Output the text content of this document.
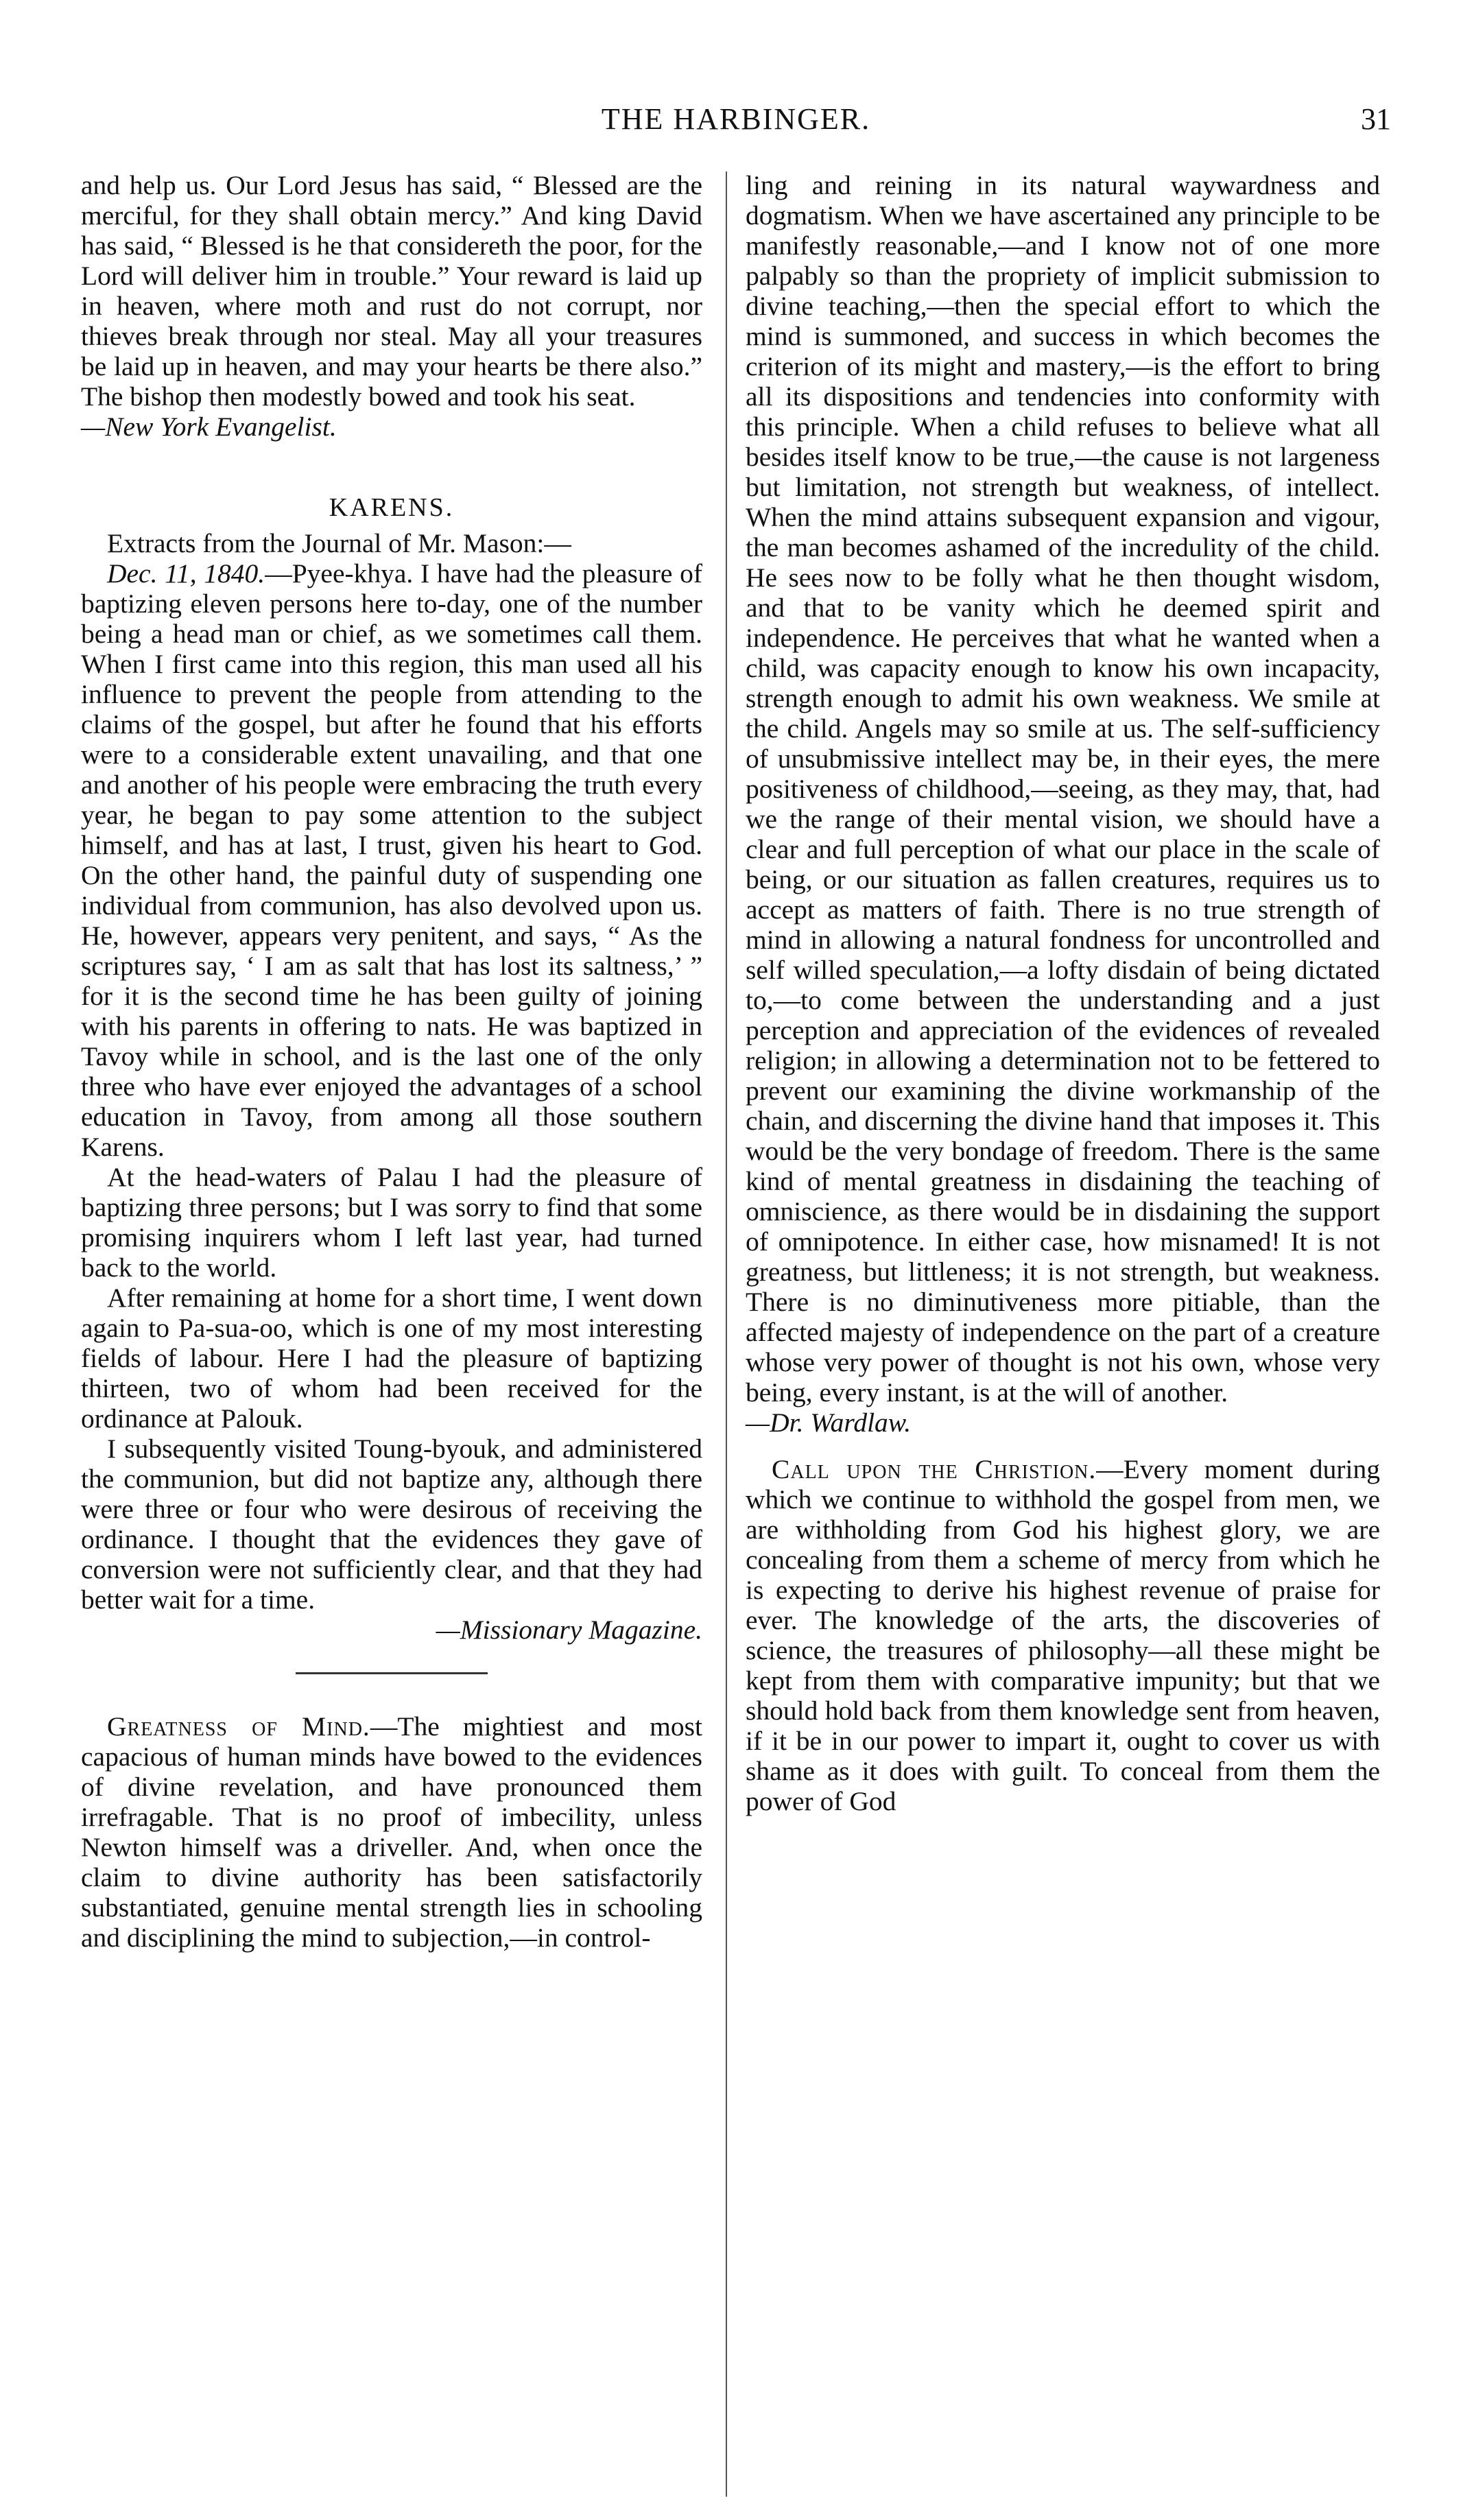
THE HARBINGER.	31

and help us. Our Lord Jesus has said, “ Blessed are the merciful, for they shall obtain mercy.” And king David has said, “ Blessed is he that considereth the poor, for the Lord will deliver him in trouble.” Your reward is laid up in heaven, where moth and rust do not corrupt, nor thieves break through nor steal. May all your treasures be laid up in heaven, and may your hearts be there also.” The bishop then modestly bowed and took his seat.

—New York Evangelist.

KARENS.

Extracts from the Journal of Mr. Mason:—

Dec. 11, 1840.—Pyee-khya. I have had the pleasure of baptizing eleven persons here to-day, one of the number being a head man or chief, as we sometimes call them. When I first came into this region, this man used all his influence to prevent the people from attending to the claims of the gospel, but after he found that his efforts were to a considerable extent unavailing, and that one and another of his people were embracing the truth every year, he began to pay some attention to the subject himself, and has at last, I trust, given his heart to God. On the other hand, the painful duty of suspending one individual from communion, has also devolved upon us. He, however, appears very penitent, and says, “ As the scriptures say, ‘ I am as salt that has lost its saltness,’ ” for it is the second time he has been guilty of joining with his parents in offering to nats. He was baptized in Tavoy while in school, and is the last one of the only three who have ever enjoyed the advantages of a school education in Tavoy, from among all those southern Karens.

At the head-waters of Palau I had the pleasure of baptizing three persons; but I was sorry to find that some promising inquirers whom I left last year, had turned back to the world.

After remaining at home for a short time, I went down again to Pa-sua-oo, which is one of my most interesting fields of labour. Here I had the pleasure of baptizing thirteen, two of whom had been received for the ordinance at Palouk.

I subsequently visited Toung-byouk, and administered the communion, but did not baptize any, although there were three or four who were desirous of receiving the ordinance. I thought that the evidences they gave of conversion were not sufficiently clear, and that they had better wait for a time.

—Missionary Magazine.

Greatness of Mind.—The mightiest and most capacious of human minds have bowed to the evidences of divine revelation, and have pronounced them irrefragable. That is no proof of imbecility, unless Newton himself was a driveller. And, when once the claim to divine authority has been satisfactorily substantiated, genuine mental strength lies in schooling and disciplining the mind to subjection,—in control-

ling and reining in its natural waywardness and dogmatism. When we have ascertained any principle to be manifestly reasonable,—and I know not of one more palpably so than the propriety of implicit submission to divine teaching,—then the special effort to which the mind is summoned, and success in which becomes the criterion of its might and mastery,—is the effort to bring all its dispositions and tendencies into conformity with this principle. When a child refuses to believe what all besides itself know to be true,—the cause is not largeness but limitation, not strength but weakness, of intellect. When the mind attains subsequent expansion and vigour, the man becomes ashamed of the incredulity of the child. He sees now to be folly what he then thought wisdom, and that to be vanity which he deemed spirit and independence. He perceives that what he wanted when a child, was capacity enough to know his own incapacity, strength enough to admit his own weakness. We smile at the child. Angels may so smile at us. The self-sufficiency of unsubmissive intellect may be, in their eyes, the mere positiveness of childhood,—seeing, as they may, that, had we the range of their mental vision, we should have a clear and full perception of what our place in the scale of being, or our situation as fallen creatures, requires us to accept as matters of faith. There is no true strength of mind in allowing a natural fondness for uncontrolled and self willed speculation,—a lofty disdain of being dictated to,—to come between the understanding and a just perception and appreciation of the evidences of revealed religion; in allowing a determination not to be fettered to prevent our examining the divine workmanship of the chain, and discerning the divine hand that imposes it. This would be the very bondage of freedom. There is the same kind of mental greatness in disdaining the teaching of omniscience, as there would be in disdaining the support of omnipotence. In either case, how misnamed! It is not greatness, but littleness; it is not strength, but weakness. There is no diminutiveness more pitiable, than the affected majesty of independence on the part of a creature whose very power of thought is not his own, whose very being, every instant, is at the will of another.

—Dr. Wardlaw.

Call upon the Christion.—Every moment during which we continue to withhold the gospel from men, we are withholding from God his highest glory, we are concealing from them a scheme of mercy from which he is expecting to derive his highest revenue of praise for ever. The knowledge of the arts, the discoveries of science, the treasures of philosophy—all these might be kept from them with comparative impunity; but that we should hold back from them knowledge sent from heaven, if it be in our power to impart it, ought to cover us with shame as it does with guilt. To conceal from them the power of God
